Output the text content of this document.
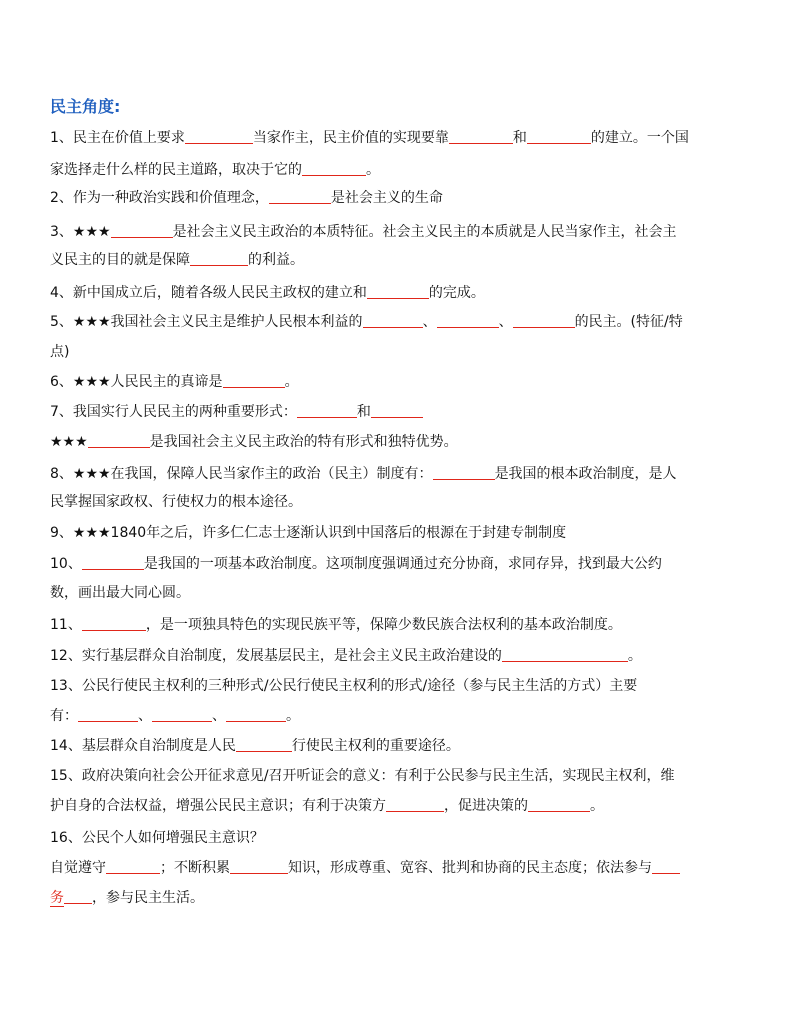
民主角度:
1、民主在价值上要求	当家作主，民主价值的实现要靠	和	的建立。一个国
家选择走什么样的民主道路，取决于它的	。
2、作为一种政治实践和价值理念，	是社会主义的生命
3、★★★	是社会主义民主政治的本质特征。社会主义民主的本质就是人民当家作主，社会主
义民主的目的就是保障	的利益。
4、新中国成立后，随着各级人民民主政权的建立和	的完成。
5、★★★我国社会主义民主是维护人民根本利益的	、	、	的民主。(特征/特
点)
6、★★★人民民主的真谛是	。
7、我国实行人民民主的两种重要形式：	和
★★★	是我国社会主义民主政治的特有形式和独特优势。
8、★★★在我国，保障人民当家作主的政治（民主）制度有：	是我国的根本政治制度，是人
民掌握国家政权、行使权力的根本途径。
9、★★★1840年之后，许多仁仁志士逐渐认识到中国落后的根源在于封建专制制度
10、	是我国的一项基本政治制度。这项制度强调通过充分协商，求同存异，找到最大公约
数，画出最大同心圆。
11、	，是一项独具特色的实现民族平等，保障少数民族合法权利的基本政治制度。
12、实行基层群众自治制度，发展基层民主，是社会主义民主政治建设的	。
13、公民行使民主权利的三种形式/公民行使民主权利的形式/途径（参与民主生活的方式）主要
有：	、	、	。
14、基层群众自治制度是人民	行使民主权利的重要途径。
15、政府决策向社会公开征求意见/召开听证会的意义：有利于公民参与民主生活，实现民主权利，维
护自身的合法权益，增强公民民主意识；有利于决策方	，促进决策的	。
16、公民个人如何增强民主意识？
自觉遵守	；不断积累	知识，形成尊重、宽容、批判和协商的民主态度；依法参与
务 ，参与民主生活。
